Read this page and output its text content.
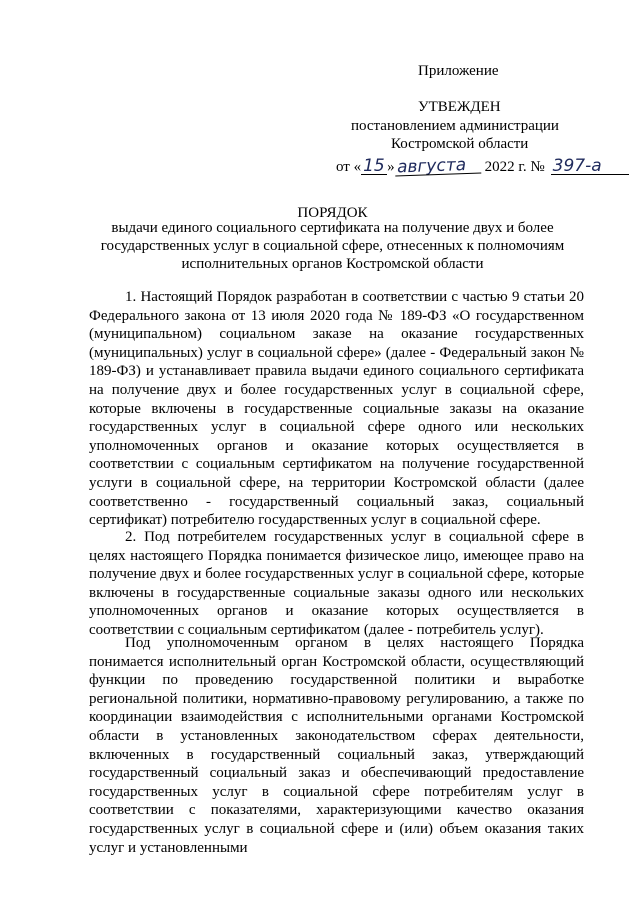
Приложение
УТВЕЖДЕН
постановлением администрации
Костромской области
от « 15 » августа	2022 г. № 397-а
ПОРЯДОК
выдачи единого социального сертификата на получение двух и более
государственных услуг в социальной сфере, отнесенных к полномочиям
исполнительных органов Костромской области

1. Настоящий Порядок разработан в соответствии с частью 9 статьи 20 Федерального закона от 13 июля 2020 года № 189-ФЗ «О государственном (муниципальном) социальном заказе на оказание государственных (муниципальных) услуг в социальной сфере» (далее - Федеральный закон № 189-ФЗ) и устанавливает правила выдачи единого социального сертификата на получение двух и более государственных услуг в социальной сфере, которые включены в государственные социальные заказы на оказание государственных услуг в социальной сфере одного или нескольких уполномоченных органов и оказание которых осуществляется в соответствии с социальным сертификатом на получение государственной услуги в социальной сфере, на территории Костромской области (далее соответственно - государственный социальный заказ, социальный сертификат) потребителю государственных услуг в социальной сфере.

2. Под потребителем государственных услуг в социальной сфере в целях настоящего Порядка понимается физическое лицо, имеющее право на получение двух и более государственных услуг в социальной сфере, которые включены в государственные социальные заказы одного или нескольких уполномоченных органов и оказание которых осуществляется в соответствии с социальным сертификатом (далее - потребитель услуг).

Под уполномоченным органом в целях настоящего Порядка понимается исполнительный орган Костромской области, осуществляющий функции по проведению государственной политики и выработке региональной политики, нормативно-правовому регулированию, а также по координации взаимодействия с исполнительными органами Костромской области в установленных законодательством сферах деятельности, включенных в государственный социальный заказ, утверждающий государственный социальный заказ и обеспечивающий предоставление государственных услуг в социальной сфере потребителям услуг в соответствии с показателями, характеризующими качество оказания государственных услуг в социальной сфере и (или) объем оказания таких услуг и установленными
